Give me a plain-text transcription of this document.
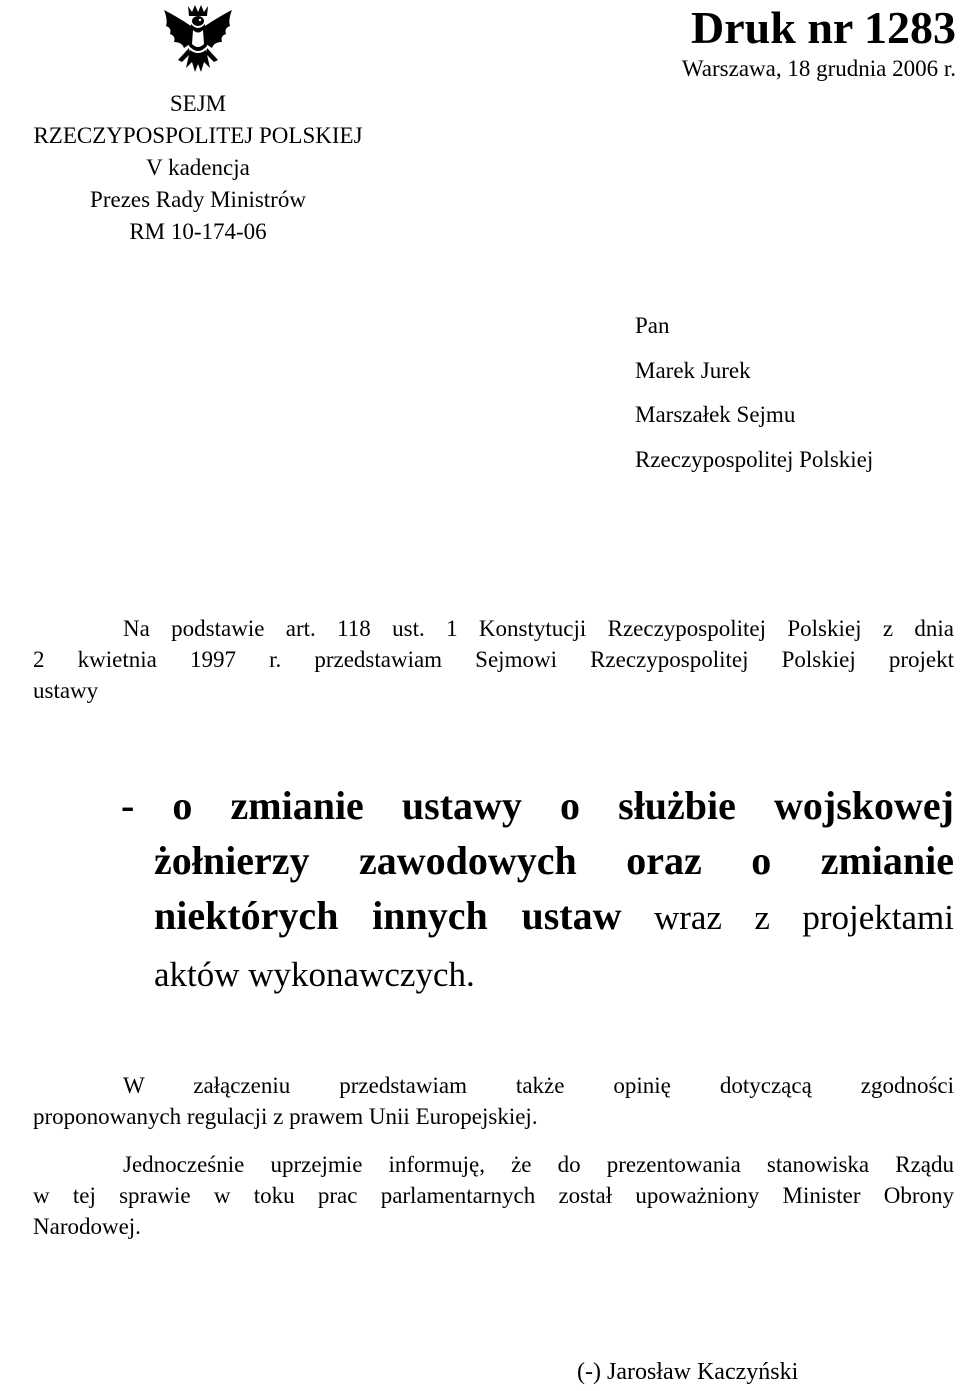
SEJM
RZECZYPOSPOLITEJ POLSKIEJ
V kadencja
Prezes Rady Ministrów
RM 10-174-06
Druk nr 1283
Warszawa, 18 grudnia 2006 r.
Pan
Marek Jurek
Marszałek Sejmu
Rzeczypospolitej Polskiej
Na podstawie art. 118 ust. 1 Konstytucji Rzeczypospolitej Polskiej z dnia
2 kwietnia 1997 r. przedstawiam Sejmowi Rzeczypospolitej Polskiej projekt
ustawy
- o zmianie ustawy o służbie wojskowej
żołnierzy zawodowych oraz o zmianie
niektórych innych ustaw wraz z projektami
aktów wykonawczych.
W załączeniu przedstawiam także opinię dotyczącą zgodności
proponowanych regulacji z prawem Unii Europejskiej.
Jednocześnie uprzejmie informuję, że do prezentowania stanowiska Rządu
w tej sprawie w toku prac parlamentarnych został upoważniony Minister Obrony
Narodowej.
(-) Jarosław Kaczyński
